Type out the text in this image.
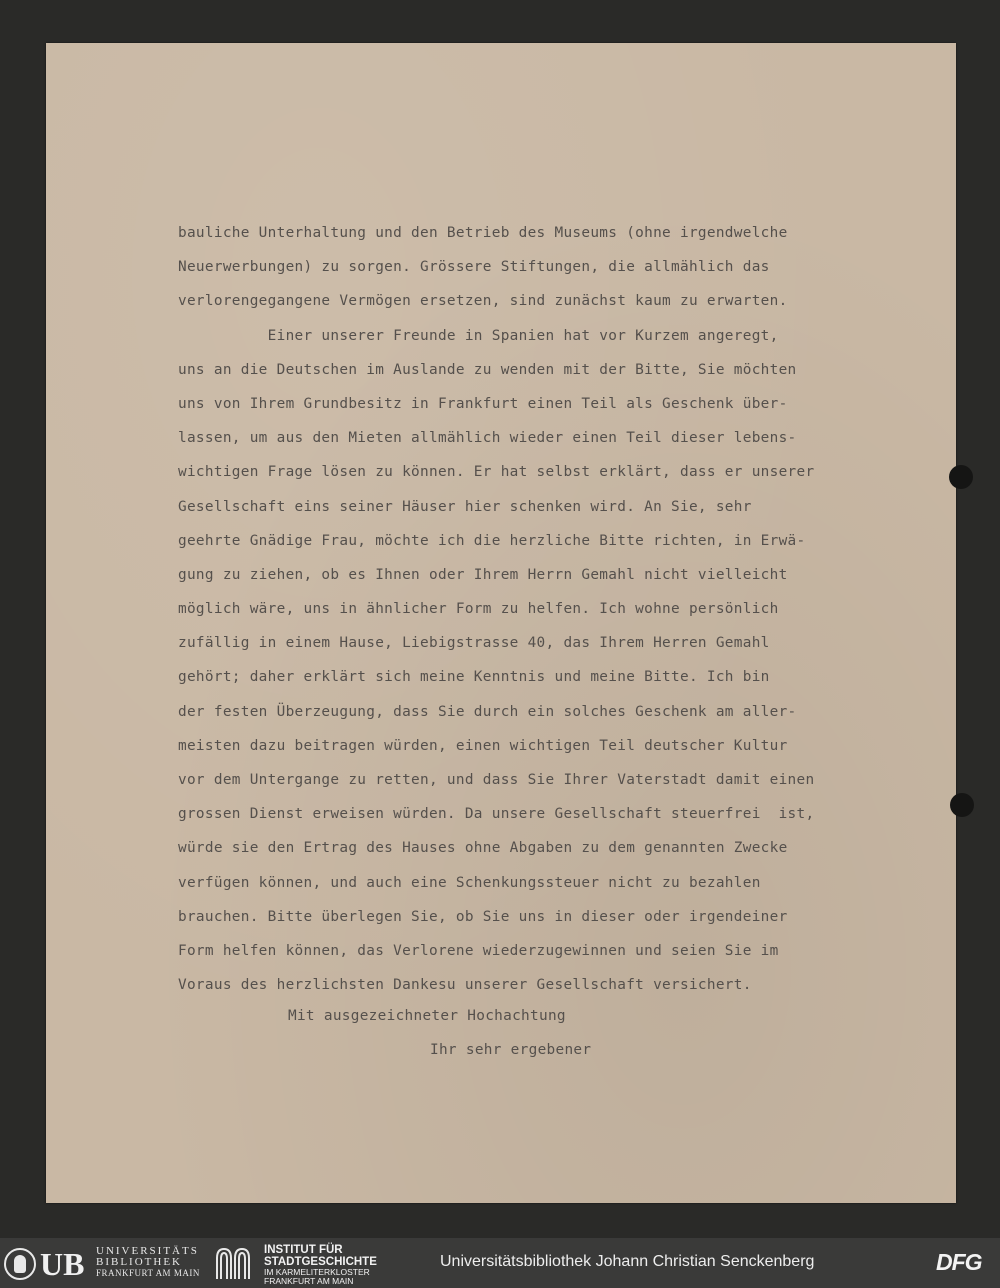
bauliche Unterhaltung und den Betrieb des Museums (ohne irgendwelche
Neuerwerbungen) zu sorgen. Grössere Stiftungen, die allmählich das
verlorengegangene Vermögen ersetzen, sind zunächst kaum zu erwarten.
Einer unserer Freunde in Spanien hat vor Kurzem angeregt,
uns an die Deutschen im Auslande zu wenden mit der Bitte, Sie möchten
uns von Ihrem Grundbesitz in Frankfurt einen Teil als Geschenk über-
lassen, um aus den Mieten allmählich wieder einen Teil dieser lebens-
wichtigen Frage lösen zu können. Er hat selbst erklärt, dass er unserer
Gesellschaft eins seiner Häuser hier schenken wird. An Sie, sehr
geehrte Gnädige Frau, möchte ich die herzliche Bitte richten, in Erwä-
gung zu ziehen, ob es Ihnen oder Ihrem Herrn Gemahl nicht vielleicht
möglich wäre, uns in ähnlicher Form zu helfen. Ich wohne persönlich
zufällig in einem Hause, Liebigstrasse 40, das Ihrem Herren Gemahl
gehört; daher erklärt sich meine Kenntnis und meine Bitte. Ich bin
der festen Überzeugung, dass Sie durch ein solches Geschenk am aller-
meisten dazu beitragen würden, einen wichtigen Teil deutscher Kultur
vor dem Untergange zu retten, und dass Sie Ihrer Vaterstadt damit einen
grossen Dienst erweisen würden. Da unsere Gesellschaft steuerfrei  ist,
würde sie den Ertrag des Hauses ohne Abgaben zu dem genannten Zwecke
verfügen können, und auch eine Schenkungssteuer nicht zu bezahlen
brauchen. Bitte überlegen Sie, ob Sie uns in dieser oder irgendeiner
Form helfen können, das Verlorene wiederzugewinnen und seien Sie im
Voraus des herzlichsten Dankesu unserer Gesellschaft versichert.
Mit ausgezeichneter Hochachtung
Ihr sehr ergebener
UB UNIVERSITÄTS
BIBLIOTHEK
FRANKFURT AM MAIN
INSTITUT FÜR
STADTGESCHICHTE
IM KARMELITERKLOSTER
FRANKFURT AM MAIN
Universitätsbibliothek Johann Christian Senckenberg	DFG
